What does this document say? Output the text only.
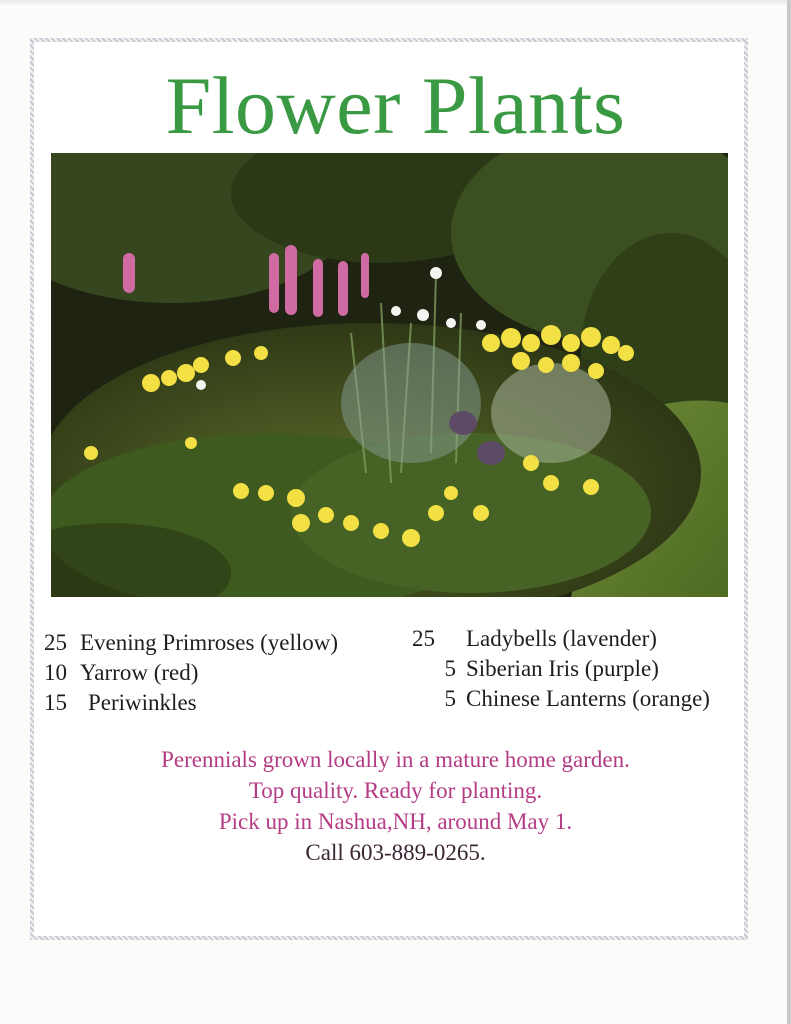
Flower Plants
25 Evening Primroses (yellow)
10 Yarrow (red)
15 Periwinkles
25	Ladybells (lavender)
5 Siberian Iris (purple)
5 Chinese Lanterns (orange)
Perennials grown locally in a mature home garden.
Top quality. Ready for planting.
Pick up in Nashua,NH, around May 1.
Call 603-889-0265.
